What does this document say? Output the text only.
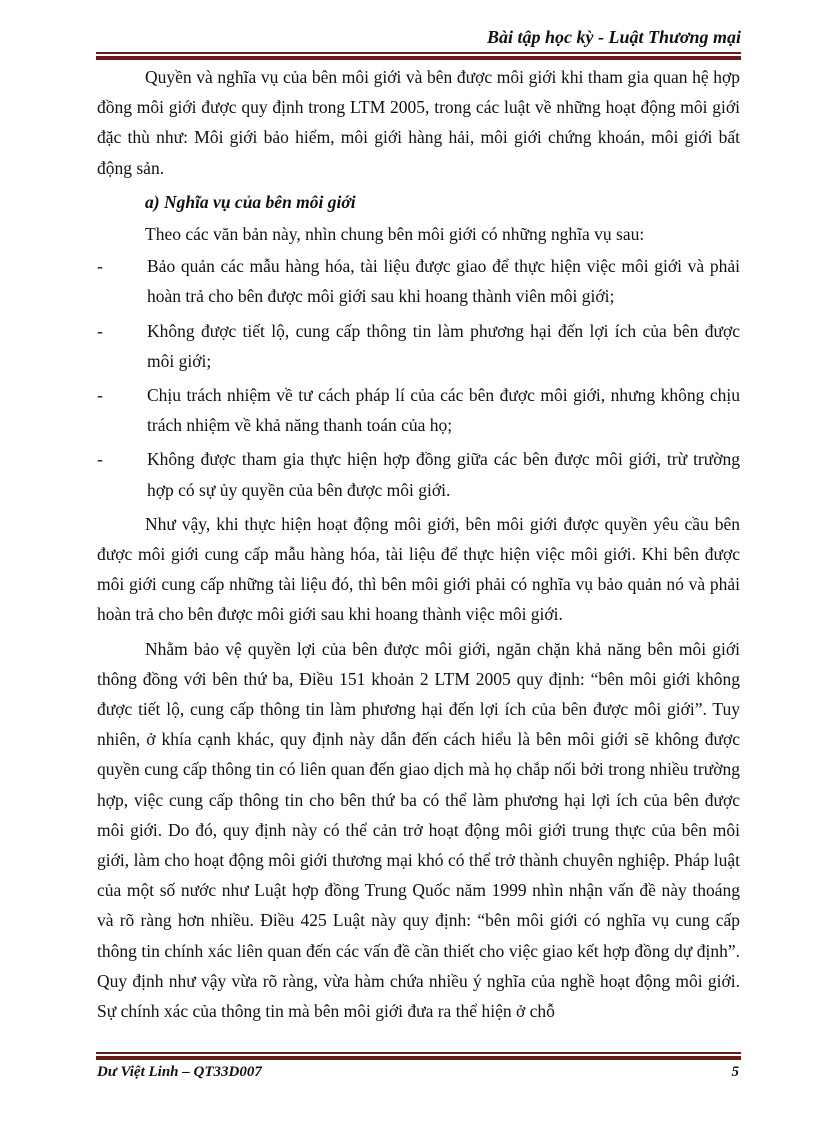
Bài tập học kỳ - Luật Thương mại

Quyền và nghĩa vụ của bên môi giới và bên được môi giới khi tham gia quan hệ hợp đồng môi giới được quy định trong LTM 2005, trong các luật về những hoạt động môi giới đặc thù như: Môi giới bảo hiểm, môi giới hàng hải, môi giới chứng khoán, môi giới bất động sản.

a) Nghĩa vụ của bên môi giới

Theo các văn bản này, nhìn chung bên môi giới có những nghĩa vụ sau:

-	Bảo quản các mẫu hàng hóa, tài liệu được giao để thực hiện việc môi giới và phải hoàn trả cho bên được môi giới sau khi hoang thành viên môi giới;
-	Không được tiết lộ, cung cấp thông tin làm phương hại đến lợi ích của bên được môi giới;
-	Chịu trách nhiệm về tư cách pháp lí của các bên được môi giới, nhưng không chịu trách nhiệm về khả năng thanh toán của họ;
-	Không được tham gia thực hiện hợp đồng giữa các bên được môi giới, trừ trường hợp có sự ủy quyền của bên được môi giới.

Như vậy, khi thực hiện hoạt động môi giới, bên môi giới được quyền yêu cầu bên được môi giới cung cấp mẫu hàng hóa, tài liệu để thực hiện việc môi giới. Khi bên được môi giới cung cấp những tài liệu đó, thì bên môi giới phải có nghĩa vụ bảo quản nó và phải hoàn trả cho bên được môi giới sau khi hoang thành việc môi giới.

Nhằm bảo vệ quyền lợi của bên được môi giới, ngăn chặn khả năng bên môi giới thông đồng với bên thứ ba, Điều 151 khoản 2 LTM 2005 quy định: “bên môi giới không được tiết lộ, cung cấp thông tin làm phương hại đến lợi ích của bên được môi giới”. Tuy nhiên, ở khía cạnh khác, quy định này dẫn đến cách hiểu là bên môi giới sẽ không được quyền cung cấp thông tin có liên quan đến giao dịch mà họ chắp nối bởi trong nhiều trường hợp, việc cung cấp thông tin cho bên thứ ba có thể làm phương hại lợi ích của bên được môi giới. Do đó, quy định này có thể cản trở hoạt động môi giới trung thực của bên môi giới, làm cho hoạt động môi giới thương mại khó có thể trở thành chuyên nghiệp. Pháp luật của một số nước như Luật hợp đồng Trung Quốc năm 1999 nhìn nhận vấn đề này thoáng và rõ ràng hơn nhiều. Điều 425 Luật này quy định: “bên môi giới có nghĩa vụ cung cấp thông tin chính xác liên quan đến các vấn đề cần thiết cho việc giao kết hợp đồng dự định”. Quy định như vậy vừa rõ ràng, vừa hàm chứa nhiều ý nghĩa của nghề hoạt động môi giới. Sự chính xác của thông tin mà bên môi giới đưa ra thể hiện ở chỗ

Dư Việt Linh – QT33D007	5
